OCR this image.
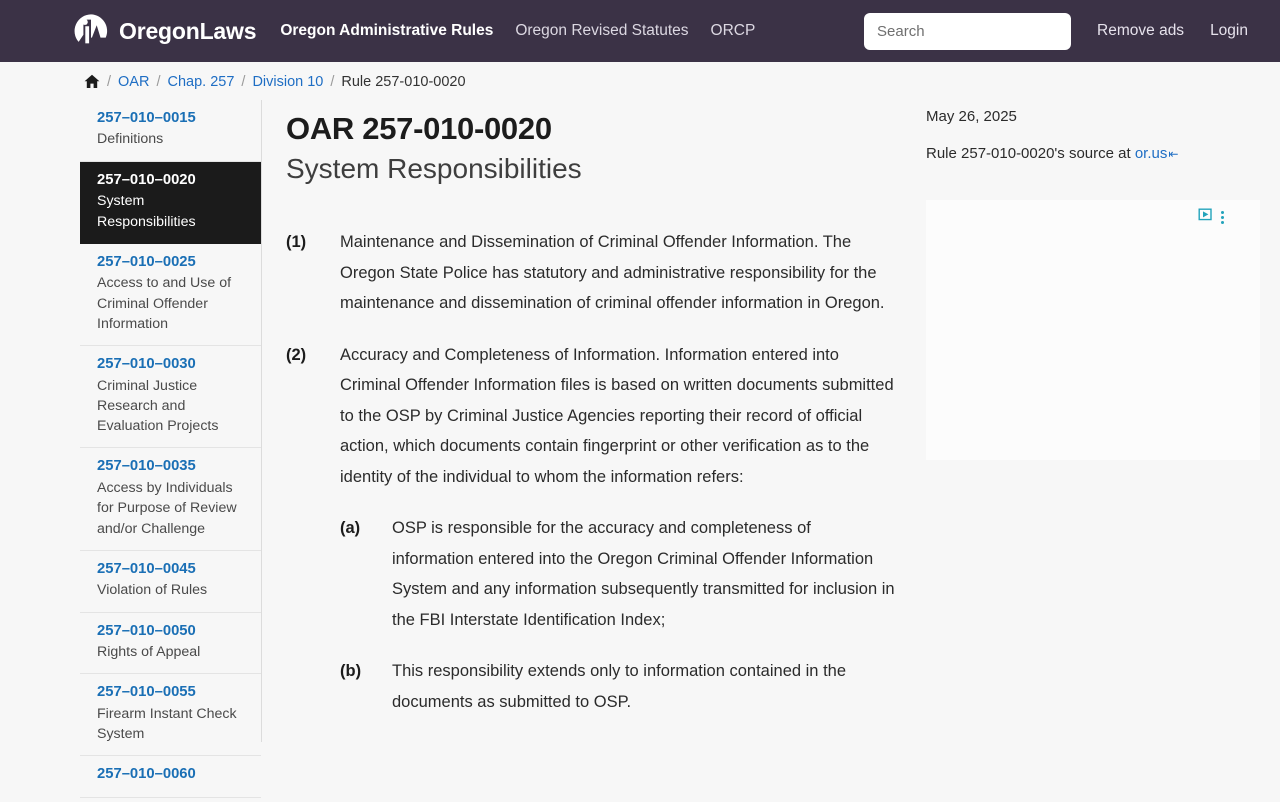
OregonLaws Oregon Administrative Rules Oregon Revised Statutes ORCP
Search	Remove ads Login
/ OAR / Chap. 257 / Division 10 / Rule 257-010-0020
257–010–0015
Definitions
257–010–0020
System Responsibilities
257–010–0025
Access to and Use of Criminal Offender Information
257–010–0030
Criminal Justice Research and Evaluation Projects
257–010–0035
Access by Individuals for Purpose of Review and/or Challenge
257–010–0045
Violation of Rules
257–010–0050
Rights of Appeal
257–010–0055
Firearm Instant Check System
257–010–0060
OAR 257-010-0020
System Responsibilities
(1)	Maintenance and Dissemination of Criminal Offender Information. The Oregon State Police has statutory and administrative responsibility for the maintenance and dissemination of criminal offender information in Oregon.
(2)	Accuracy and Completeness of Information. Information entered into Criminal Offender Information files is based on written documents submitted to the OSP by Criminal Justice Agencies reporting their record of official action, which documents contain fingerprint or other verification as to the identity of the individual to whom the information refers:
(a)	OSP is responsible for the accuracy and completeness of information entered into the Oregon Criminal Offender Information System and any information subsequently transmitted for inclusion in the FBI Interstate Identification Index;
(b)	This responsibility extends only to information contained in the documents as submitted to OSP.
May 26, 2025
Rule 257-010-0020's source at or.us⇤
